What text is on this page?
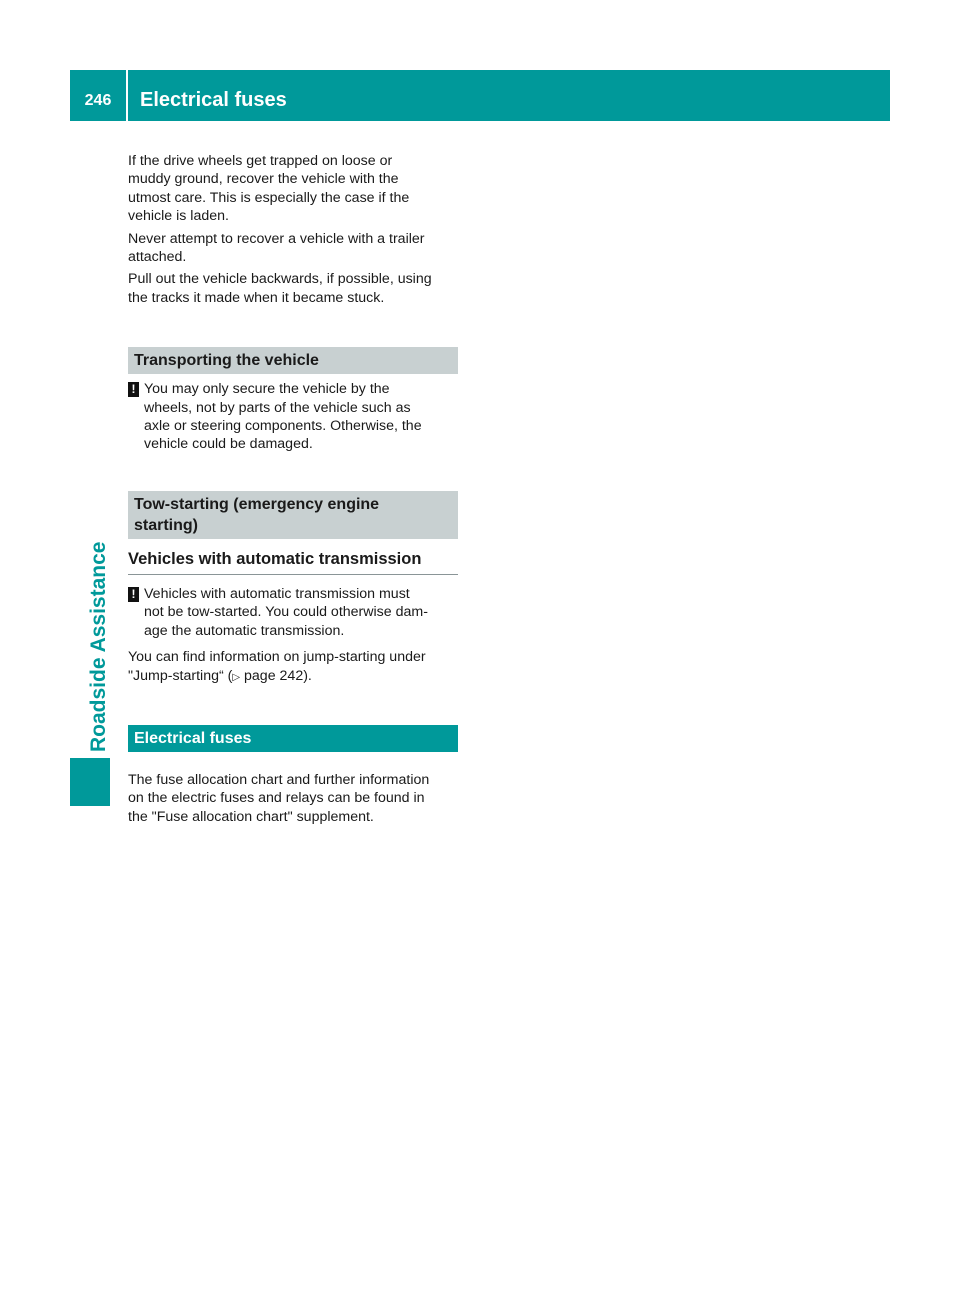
246	Electrical fuses
Roadside Assistance

If the drive wheels get trapped on loose or

muddy ground, recover the vehicle with the

utmost care. This is especially the case if the

vehicle is laden.

Never attempt to recover a vehicle with a trailer

attached.

Pull out the vehicle backwards, if possible, using

the tracks it made when it became stuck.

Transporting the vehicle
! You may only secure the vehicle by the

wheels, not by parts of the vehicle such as

axle or steering components. Otherwise, the

vehicle could be damaged.

Tow-starting (emergency engine
starting)
Vehicles with automatic transmission
! Vehicles with automatic transmission must

not be tow-started. You could otherwise dam-

age the automatic transmission.

You can find information on jump-starting under

"Jump-starting“ (▷ page 242).

Electrical fuses

The fuse allocation chart and further information

on the electric fuses and relays can be found in

the "Fuse allocation chart" supplement.
